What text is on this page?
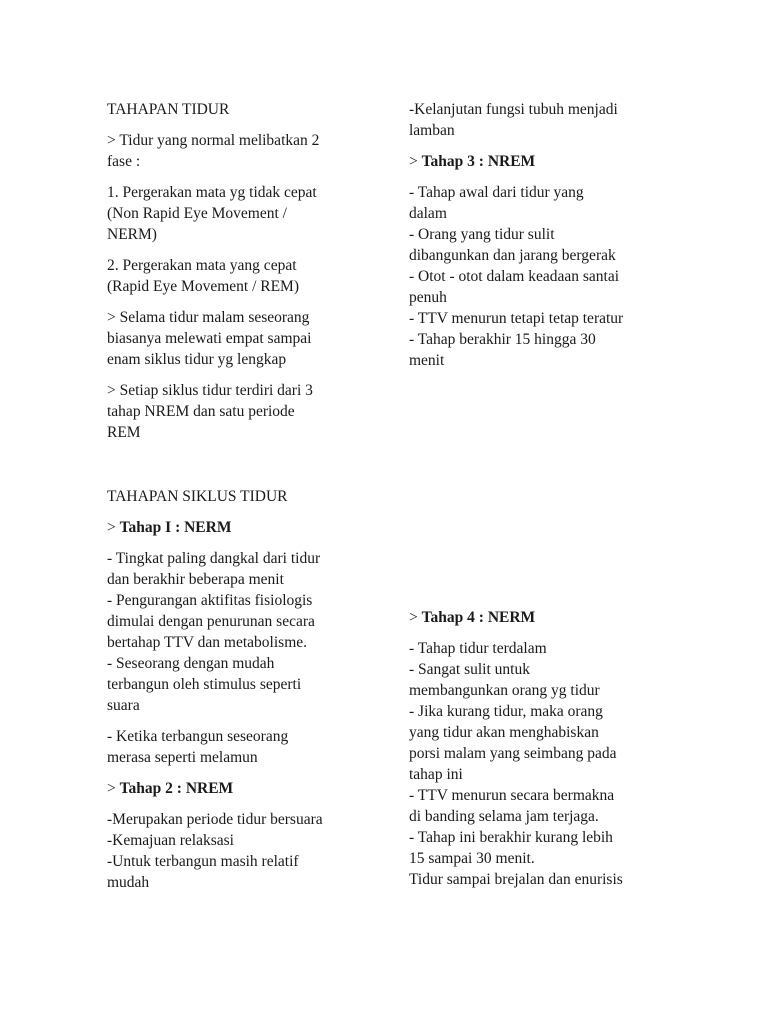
TAHAPAN TIDUR
> Tidur yang normal melibatkan 2
fase :
1. Pergerakan mata yg tidak cepat
(Non Rapid Eye Movement /
NERM)
2. Pergerakan mata yang cepat
(Rapid Eye Movement / REM)
> Selama tidur malam seseorang
biasanya melewati empat sampai
enam siklus tidur yg lengkap
> Setiap siklus tidur terdiri dari 3
tahap NREM dan satu periode
REM
TAHAPAN SIKLUS TIDUR
> Tahap I : NERM
- Tingkat paling dangkal dari tidur
dan berakhir beberapa menit
- Pengurangan aktifitas fisiologis
dimulai dengan penurunan secara
bertahap TTV dan metabolisme.
- Seseorang dengan mudah
terbangun oleh stimulus seperti
suara
- Ketika terbangun seseorang
merasa seperti melamun
> Tahap 2 : NREM
-Merupakan periode tidur bersuara
-Kemajuan relaksasi
-Untuk terbangun masih relatif
mudah
-Kelanjutan fungsi tubuh menjadi
lamban
> Tahap 3 : NREM
- Tahap awal dari tidur yang
dalam
- Orang yang tidur sulit
dibangunkan dan jarang bergerak
- Otot - otot dalam keadaan santai
penuh
- TTV menurun tetapi tetap teratur
- Tahap berakhir 15 hingga 30
menit
> Tahap 4 : NERM
- Tahap tidur terdalam
- Sangat sulit untuk
membangunkan orang yg tidur
- Jika kurang tidur, maka orang
yang tidur akan menghabiskan
porsi malam yang seimbang pada
tahap ini
- TTV menurun secara bermakna
di banding selama jam terjaga.
- Tahap ini berakhir kurang lebih
15 sampai 30 menit.
Tidur sampai brejalan dan enurisis
